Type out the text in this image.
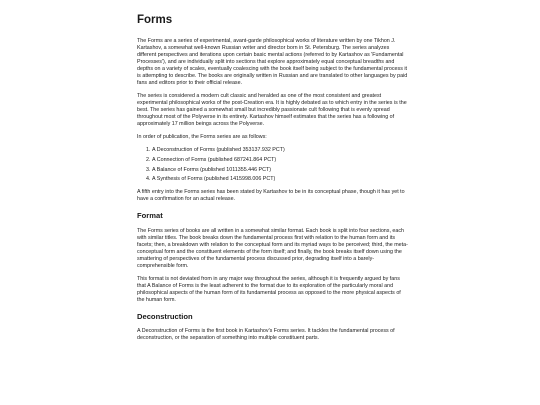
Forms

The Forms are a series of experimental, avant-garde philosophical works of literature written by one Tikhon J. Kartashov, a somewhat well-known Russian writer and director born in St. Petersburg. The series analyzes different perspectives and iterations upon certain basic mental actions (referred to by Kartashov as 'Fundamental Processes'), and are individually split into sections that explore approximately equal conceptual breadths and depths on a variety of scales, eventually coalescing with the book itself being subject to the fundamental process it is attempting to describe. The books are originally written in Russian and are translated to other languages by paid fans and editors prior to their official release.

The series is considered a modern cult classic and heralded as one of the most consistent and greatest experimental philosophical works of the post-Creation era. It is highly debated as to which entry in the series is the best. The series has gained a somewhat small but incredibly passionate cult following that is evenly spread throughout most of the Polyverse in its entirety. Kartashov himself estimates that the series has a following of approximately 17 million beings across the Polyverse.

In order of publication, the Forms series are as follows:

1. A Deconstruction of Forms (published 353137.932 PCT)
2. A Connection of Forms (published 687241.864 PCT)
3. A Balance of Forms (published 1011355.446 PCT)
4. A Synthesis of Forms (published 1415998.006 PCT)

A fifth entry into the Forms series has been stated by Kartashov to be in its conceptual phase, though it has yet to have a confirmation for an actual release.

Format

The Forms series of books are all written in a somewhat similar format. Each book is split into four sections, each with similar titles. The book breaks down the fundamental process first with relation to the human form and its facets; then, a breakdown with relation to the conceptual form and its myriad ways to be perceived; third, the meta-conceptual form and the constituent elements of the form itself; and finally, the book breaks itself down using the smattering of perspectives of the fundamental process discussed prior, degrading itself into a barely-comprehensible form.

This format is not deviated from in any major way throughout the series, although it is frequently argued by fans that A Balance of Forms is the least adherent to the format due to its exploration of the particularly moral and philosophical aspects of the human form of its fundamental process as opposed to the more physical aspects of the human form.

Deconstruction

A Deconstruction of Forms is the first book in Kartashov's Forms series. It tackles the fundamental process of deconstruction, or the separation of something into multiple constituent parts.
